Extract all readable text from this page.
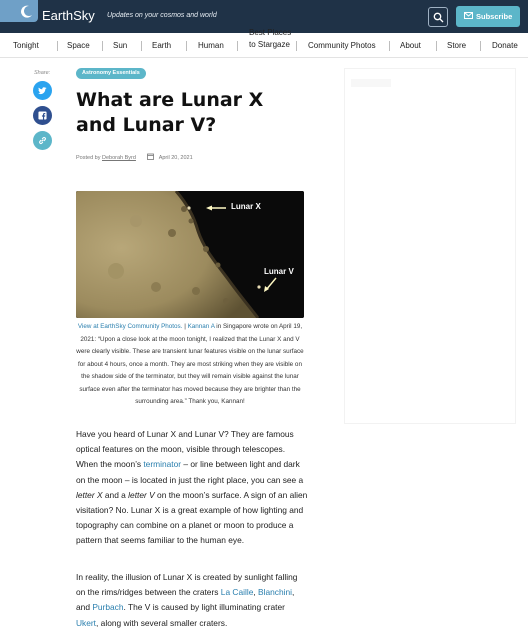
EarthSky Updates on your cosmos and world	Subscribe
Tonight	Space	Sun	Earth	Human
Best Places to Stargaze	Community Photos	About	Store	Donate
Share:	Astronomy Essentials
What are Lunar X and Lunar V?
Posted by Deborah Byrd	April 20, 2021
Lunar X
Lunar V

View at EarthSky Community Photos. | Kannan A in Singapore wrote on April 19, 2021: “Upon a close look at the moon tonight, I realized that the Lunar X and V were clearly visible. These are transient lunar features visible on the lunar surface for about 4 hours, once a month. They are most striking when they are visible on the shadow side of the terminator, but they will remain visible against the lunar surface even after the terminator has moved because they are brighter than the surrounding area.” Thank you, Kannan!

Have you heard of Lunar X and Lunar V? They are famous optical features on the moon, visible through telescopes. When the moon’s terminator – or line between light and dark on the moon – is located in just the right place, you can see a letter X and a letter V on the moon’s surface. A sign of an alien visitation? No. Lunar X is a great example of how lighting and topography can combine on a planet or moon to produce a pattern that seems familiar to the human eye.

In reality, the illusion of Lunar X is created by sunlight falling on the rims/ridges between the craters La Caille, Blanchini, and Purbach. The V is caused by light illuminating crater Ukert, along with several smaller craters.
